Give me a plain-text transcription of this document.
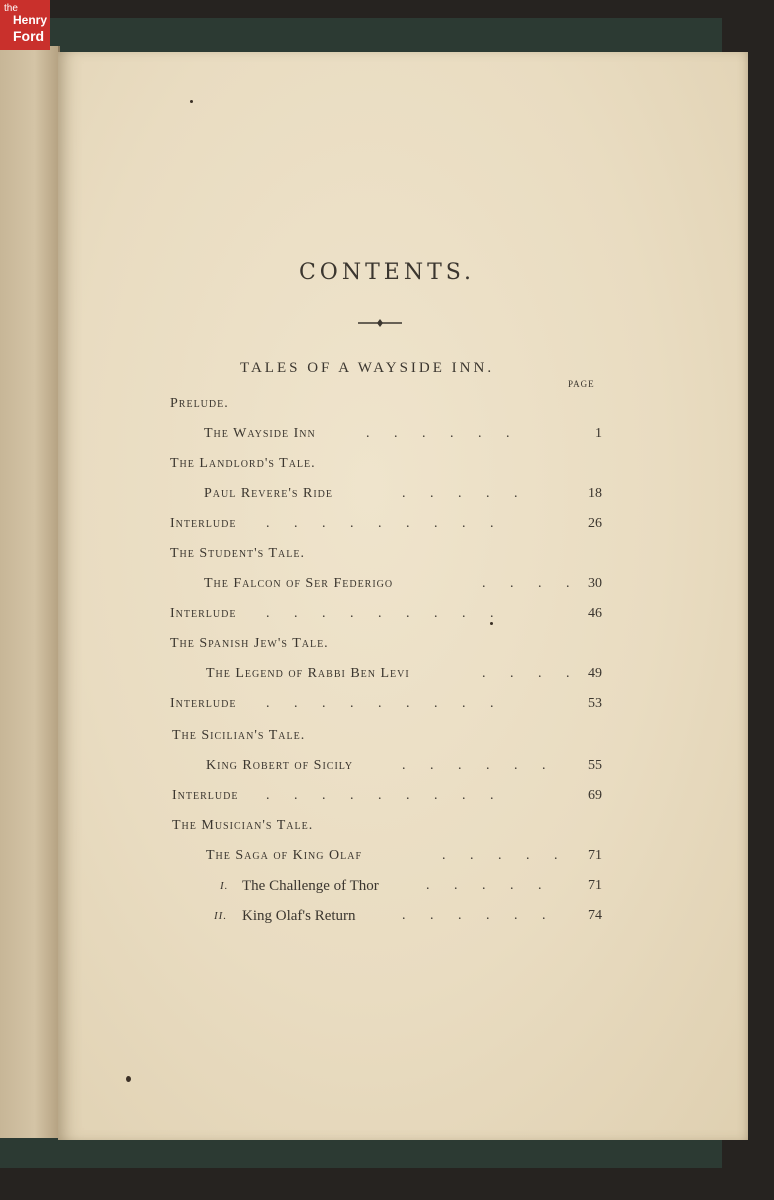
the
Henry
Ford
CONTENTS.
TALES OF A WAYSIDE INN.
PAGE
Prelude.
The Wayside Inn	.       .       .       .       .       .	1
The Landlord's Tale.
Paul Revere's Ride	.       .       .       .       .	18
Interlude .       .       .       .       .       .       .       .       .	26
The Student's Tale.
The Falcon of Ser Federigo	.       .       .       .	30
Interlude .       .       .       .       .       .       .       .       .	46
The Spanish Jew's Tale.
The Legend of Rabbi Ben Levi	.       .       .       .	49
Interlude .       .       .       .       .       .       .       .       .	53
The Sicilian's Tale.
King Robert of Sicily	.       .       .       .       .       .	55
Interlude .       .       .       .       .       .       .       .       .	69
The Musician's Tale.
The Saga of King Olaf	.       .       .       .       .	71
I. The Challenge of Thor	.       .       .       .       .	71
II. King Olaf's Return	.       .       .       .       .       .	74
